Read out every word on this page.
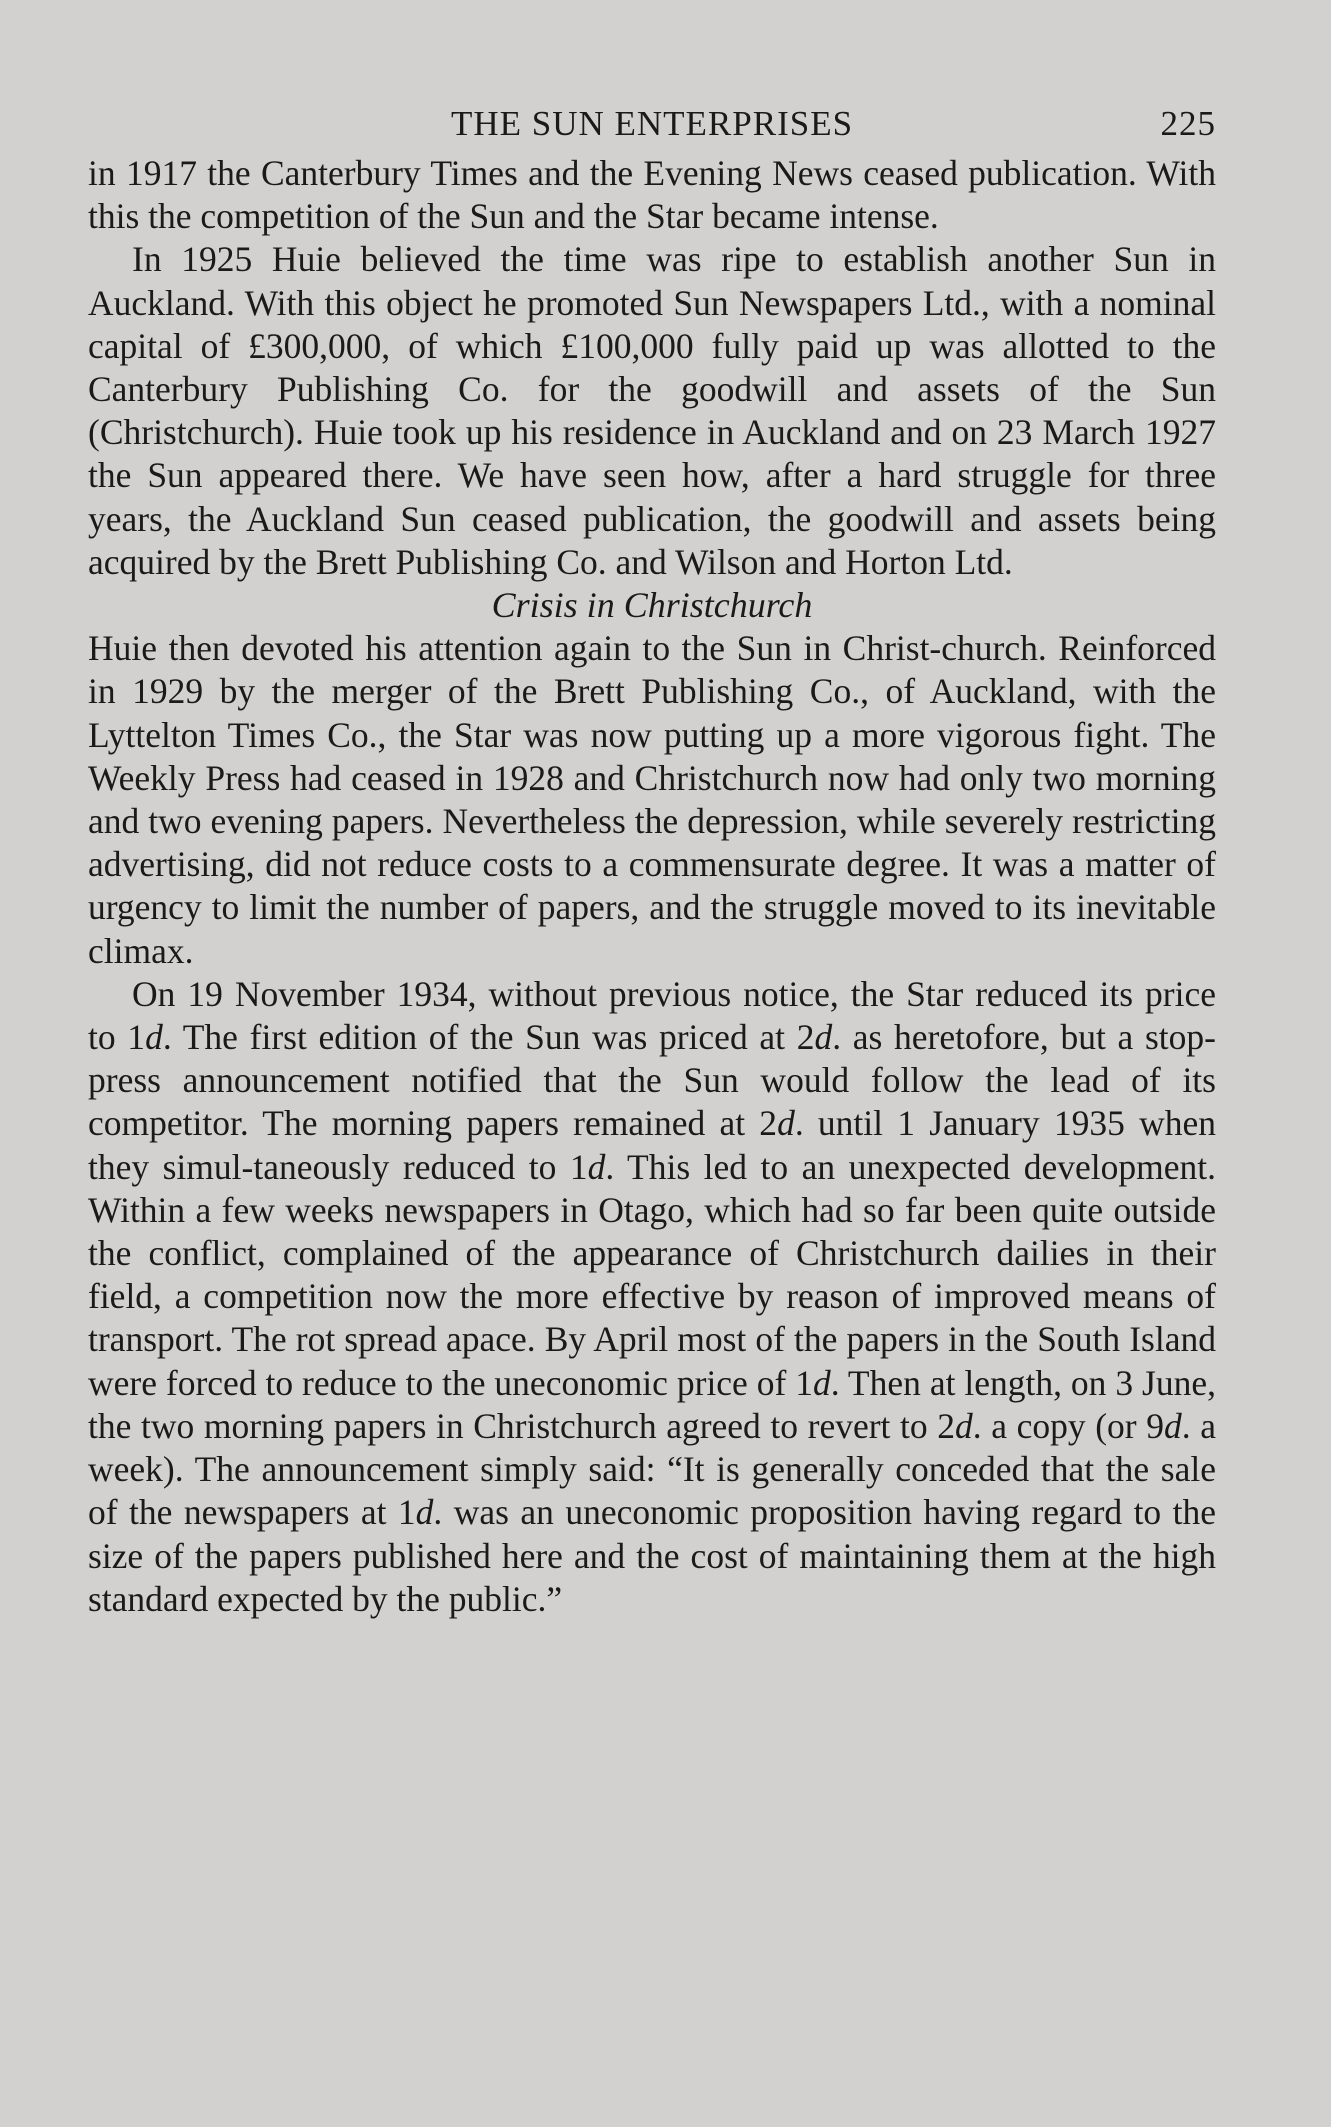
THE SUN ENTERPRISES	225

in 1917 the Canterbury Times and the Evening News ceased publication. With this the competition of the Sun and the Star became intense.

In 1925 Huie believed the time was ripe to establish another Sun in Auckland. With this object he promoted Sun Newspapers Ltd., with a nominal capital of £300,000, of which £100,000 fully paid up was allotted to the Canterbury Publishing Co. for the goodwill and assets of the Sun (Christchurch). Huie took up his residence in Auckland and on 23 March 1927 the Sun appeared there. We have seen how, after a hard struggle for three years, the Auckland Sun ceased publication, the goodwill and assets being acquired by the Brett Publishing Co. and Wilson and Horton Ltd.

Crisis in Christchurch

Huie then devoted his attention again to the Sun in Christ-church. Reinforced in 1929 by the merger of the Brett Publishing Co., of Auckland, with the Lyttelton Times Co., the Star was now putting up a more vigorous fight. The Weekly Press had ceased in 1928 and Christchurch now had only two morning and two evening papers. Nevertheless the depression, while severely restricting advertising, did not reduce costs to a commensurate degree. It was a matter of urgency to limit the number of papers, and the struggle moved to its inevitable climax.

On 19 November 1934, without previous notice, the Star reduced its price to 1d. The first edition of the Sun was priced at 2d. as heretofore, but a stop-press announcement notified that the Sun would follow the lead of its competitor. The morning papers remained at 2d. until 1 January 1935 when they simul-taneously reduced to 1d. This led to an unexpected development. Within a few weeks newspapers in Otago, which had so far been quite outside the conflict, complained of the appearance of Christchurch dailies in their field, a competition now the more effective by reason of improved means of transport. The rot spread apace. By April most of the papers in the South Island were forced to reduce to the uneconomic price of 1d. Then at length, on 3 June, the two morning papers in Christchurch agreed to revert to 2d. a copy (or 9d. a week). The announcement simply said: “It is generally conceded that the sale of the newspapers at 1d. was an uneconomic proposition having regard to the size of the papers published here and the cost of maintaining them at the high standard expected by the public.”
